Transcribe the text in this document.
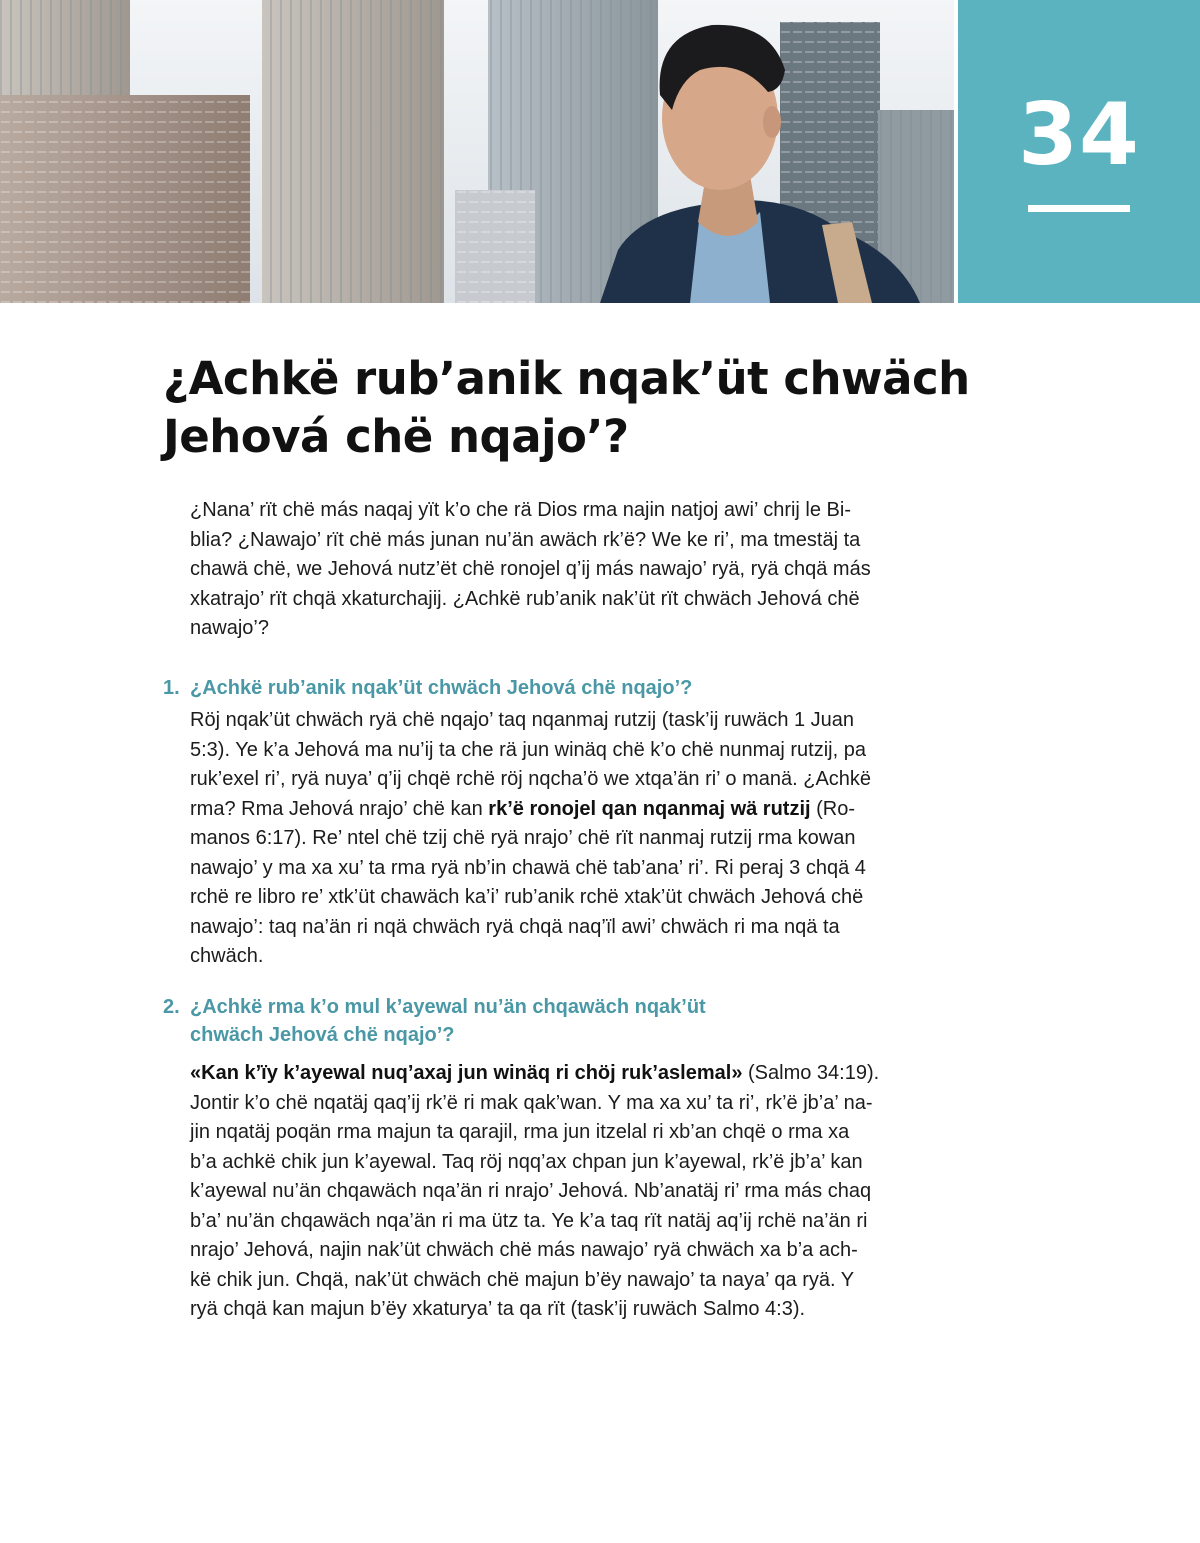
34
¿Achkë rub’anik nqak’üt chwäch
Jehová chë nqajo’?

¿Nana’ rït chë más naqaj yït k’o che rä Dios rma najin natjoj awi’ chrij le Bi-
blia? ¿Nawajo’ rït chë más junan nu’än awäch rk’ë? We ke ri’, ma tmestäj ta
chawä chë, we Jehová nutz’ët chë ronojel q’ij más nawajo’ ryä, ryä chqä más
xkatrajo’ rït chqä xkaturchajij. ¿Achkë rub’anik nak’üt rït chwäch Jehová chë
nawajo’?

1. ¿Achkë rub’anik nqak’üt chwäch Jehová chë nqajo’?

Röj nqak’üt chwäch ryä chë nqajo’ taq nqanmaj rutzij (task’ij ruwäch 1 Juan
5:3). Ye k’a Jehová ma nu’ij ta che rä jun winäq chë k’o chë nunmaj rutzij, pa
ruk’exel ri’, ryä nuya’ q’ij chqë rchë röj nqcha’ö we xtqa’än ri’ o manä. ¿Achkë
rma? Rma Jehová nrajo’ chë kan rk’ë ronojel qan nqanmaj wä rutzij (Ro-
manos 6:17). Re’ ntel chë tzij chë ryä nrajo’ chë rït nanmaj rutzij rma kowan
nawajo’ y ma xa xu’ ta rma ryä nb’in chawä chë tab’ana’ ri’. Ri peraj 3 chqä 4
rchë re libro re’ xtk’üt chawäch ka’i’ rub’anik rchë xtak’üt chwäch Jehová chë
nawajo’: taq na’än ri nqä chwäch ryä chqä naq’ïl awi’ chwäch ri ma nqä ta
chwäch.

2. ¿Achkë rma k’o mul k’ayewal nu’än chqawäch nqak’üt
chwäch Jehová chë nqajo’?

«Kan k’ïy k’ayewal nuq’axaj jun winäq ri chöj ruk’aslemal» (Salmo 34:19).
Jontir k’o chë nqatäj qaq’ij rk’ë ri mak qak’wan. Y ma xa xu’ ta ri’, rk’ë jb’a’ na-
jin nqatäj poqän rma majun ta qarajil, rma jun itzelal ri xb’an chqë o rma xa
b’a achkë chik jun k’ayewal. Taq röj nqq’ax chpan jun k’ayewal, rk’ë jb’a’ kan
k’ayewal nu’än chqawäch nqa’än ri nrajo’ Jehová. Nb’anatäj ri’ rma más chaq
b’a’ nu’än chqawäch nqa’än ri ma ütz ta. Ye k’a taq rït natäj aq’ij rchë na’än ri
nrajo’ Jehová, najin nak’üt chwäch chë más nawajo’ ryä chwäch xa b’a ach-
kë chik jun. Chqä, nak’üt chwäch chë majun b’ëy nawajo’ ta naya’ qa ryä. Y
ryä chqä kan majun b’ëy xkaturya’ ta qa rït (task’ij ruwäch Salmo 4:3).
